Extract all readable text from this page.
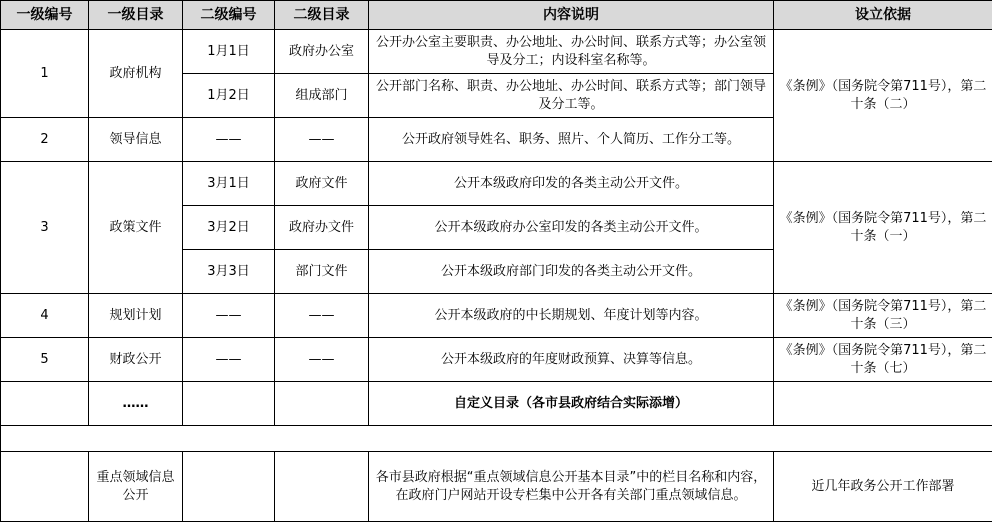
一级编号	一级目录	二级编号	二级目录	内容说明	设立依据
1	政府机构	1月1日	政府办公室	公开办公室主要职责、办公地址、办公时间、联系方式等；办公室领导及分工；内设科室名称等。	《条例》（国务院令第711号），第二十条（二）
		1月2日	组成部门	公开部门名称、职责、办公地址、办公时间、联系方式等；部门领导及分工等。	
2	领导信息	——	——	公开政府领导姓名、职务、照片、个人简历、工作分工等。	
3	政策文件	3月1日	政府文件	公开本级政府印发的各类主动公开文件。	《条例》（国务院令第711号），第二十条（一）
		3月2日	政府办文件	公开本级政府办公室印发的各类主动公开文件。	
		3月3日	部门文件	公开本级政府部门印发的各类主动公开文件。	
4	规划计划	——	——	公开本级政府的中长期规划、年度计划等内容。	《条例》（国务院令第711号），第二十条（三）
5	财政公开	——	——	公开本级政府的年度财政预算、决算等信息。	《条例》（国务院令第711号），第二十条（七）
	……			自定义目录（各市县政府结合实际添增）	

	重点领域信息公开			各市县政府根据“重点领域信息公开基本目录”中的栏目名称和内容，在政府门户网站开设专栏集中公开各有关部门重点领域信息。	近几年政务公开工作部署
